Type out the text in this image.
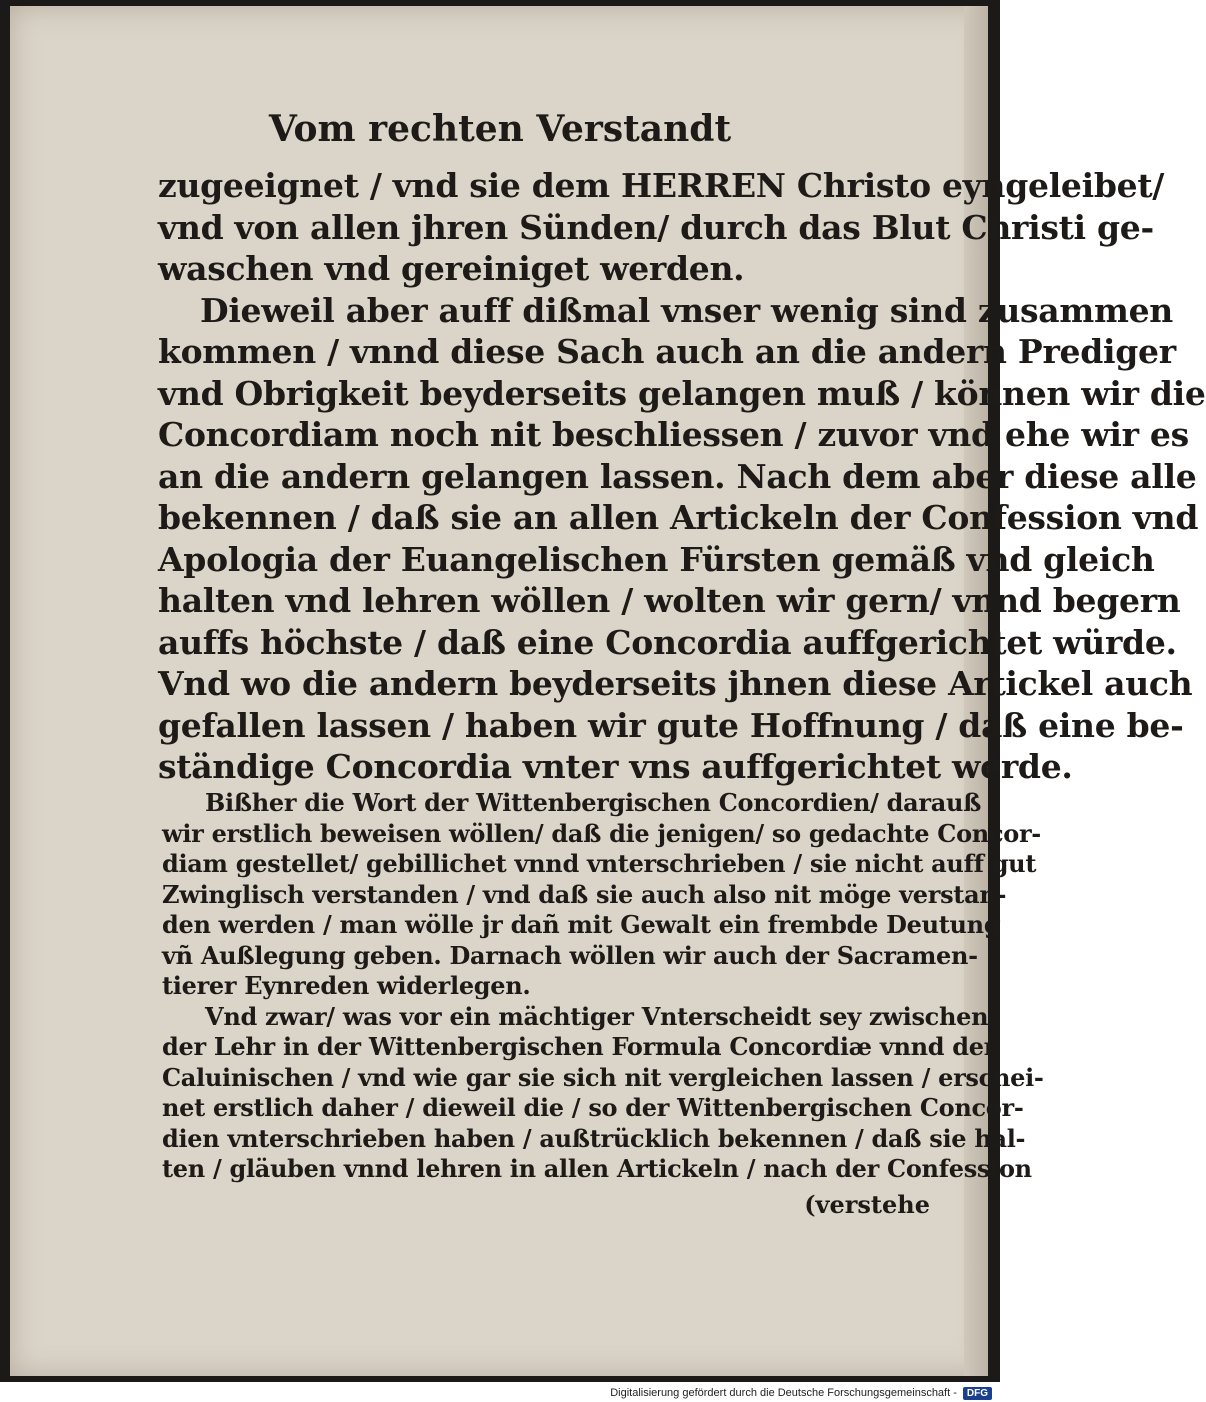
Vom rechten Verstandt
zugeeignet / vnd sie dem HERREN Christo eyngeleibet/
vnd von allen jhren Sünden/ durch das Blut Christi ge-
waschen vnd gereiniget werden.
Dieweil aber auff dißmal vnser wenig sind zusammen
kommen / vnnd diese Sach auch an die andern Prediger
vnd Obrigkeit beyderseits gelangen muß / können wir die
Concordiam noch nit beschliessen / zuvor vnd ehe wir es
an die andern gelangen lassen. Nach dem aber diese alle
bekennen / daß sie an allen Artickeln der Confession vnd
Apologia der Euangelischen Fürsten gemäß vnd gleich
halten vnd lehren wöllen / wolten wir gern/ vnnd begern
auffs höchste / daß eine Concordia auffgerichtet würde.
Vnd wo die andern beyderseits jhnen diese Artickel auch
gefallen lassen / haben wir gute Hoffnung / daß eine be-
ständige Concordia vnter vns auffgerichtet werde.
Bißher die Wort der Wittenbergischen Concordien/ darauß
wir erstlich beweisen wöllen/ daß die jenigen/ so gedachte Concor-
diam gestellet/ gebillichet vnnd vnterschrieben / sie nicht auff gut
Zwinglisch verstanden / vnd daß sie auch also nit möge verstan-
den werden / man wölle jr dañ mit Gewalt ein frembde Deutung
vñ Außlegung geben. Darnach wöllen wir auch der Sacramen-
tierer Eynreden widerlegen.
Vnd zwar/ was vor ein mächtiger Vnterscheidt sey zwischen
der Lehr in der Wittenbergischen Formula Concordiæ vnnd der
Caluinischen / vnd wie gar sie sich nit vergleichen lassen / erschei-
net erstlich daher / dieweil die / so der Wittenbergischen Concor-
dien vnterschrieben haben / außtrücklich bekennen / daß sie hal-
ten / gläuben vnnd lehren in allen Artickeln / nach der Confession
(verstehe
Digitalisierung gefördert durch die Deutsche Forschungsgemeinschaft -	DFG
